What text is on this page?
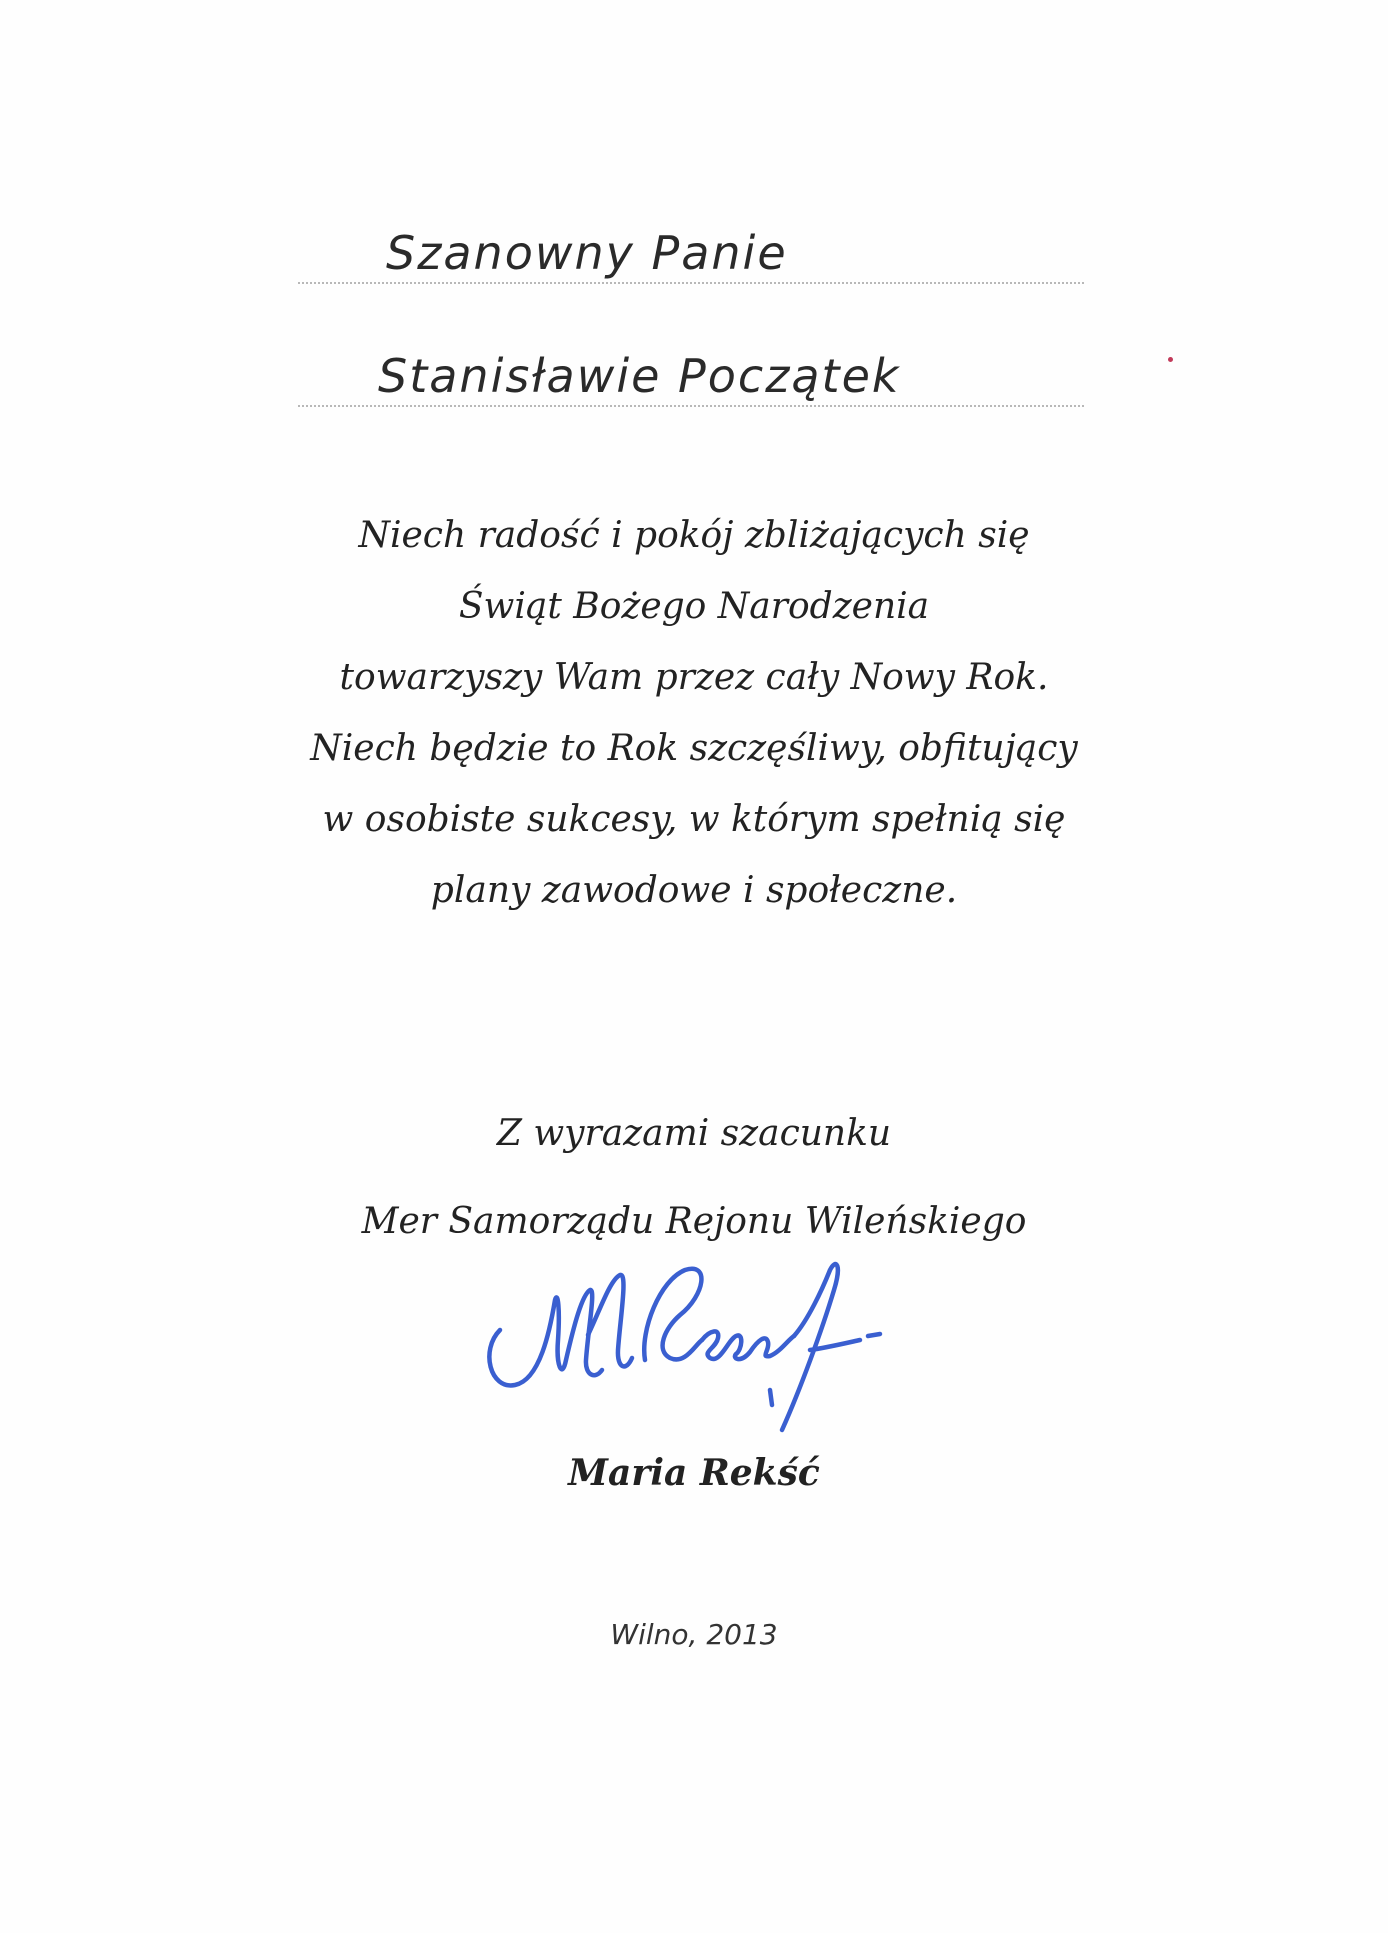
Szanowny Panie
Stanisławie Początek
Niech radość i pokój zbliżających się
Świąt Bożego Narodzenia
towarzyszy Wam przez cały Nowy Rok.
Niech będzie to Rok szczęśliwy, obfitujący
w osobiste sukcesy, w którym spełnią się
plany zawodowe i społeczne.
Z wyrazami szacunku
Mer Samorządu Rejonu Wileńskiego
Maria Rekść
Wilno, 2013
